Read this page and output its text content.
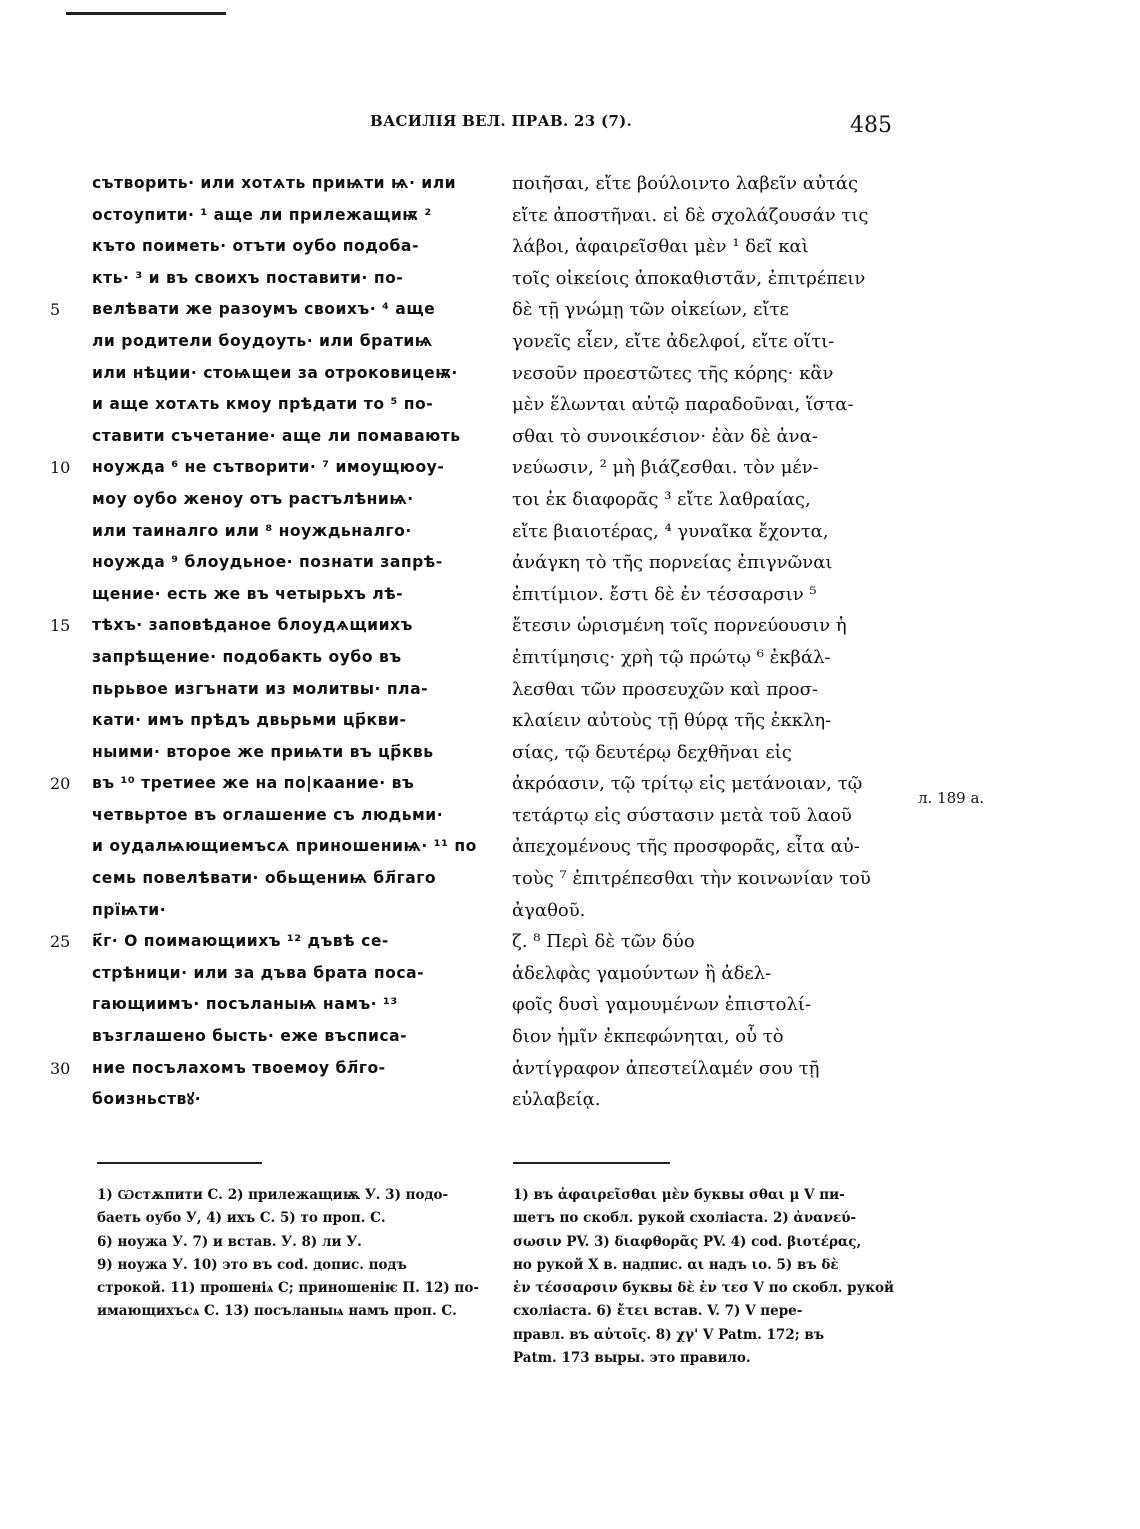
ВАСИЛІЯ ВЕЛ. ПРАВ. 23 (7).	485
5
10
15
20
25
30
сътворить· или хотѧть приѩти ѩ· или
остоупити· ¹ аще ли прилежащиѭ ²
къто поиметь· отъти оубо подоба-
кть· ³ и въ своихъ поставити· по-
велѣвати же разоумъ своихъ· ⁴ аще
ли родители боудоуть· или братиѩ
или нѣции· стоѩщеи за отроковицеѭ·
и аще хотѧть кмоу прѣдати то ⁵ по-
ставити съчетание· аще ли помавають
ноужда ⁶ не сътворити· ⁷ имоущюоу-
моу оубо женоу отъ растълѣниѩ·
или таиналго или ⁸ ноуждьналго·
ноужда ⁹ блоудьное· познати запрѣ-
щение· есть же въ четырьхъ лѣ-
тѣхъ· заповѣданое блоудѧщиихъ
запрѣщение· подобакть оубо въ
пьрьвое изгънати из молитвы· пла-
кати· имъ прѣдъ двьрьми цр҃кви-
ныими· второе же приѩти въ цр҃квь
въ ¹⁰ третиее же на по|каание· въ
четвьртое въ оглашение съ людьми·
и оудалѩющиемъсѧ приношениѩ· ¹¹ по
семь повелѣвати· обьщениѩ бл҃гаго
прїѩти·
к҃г· О поимающиихъ ¹² дъвѣ се-
стрѣници· или за дъва брата поса-
гающиимъ· посъланыѩ намъ· ¹³
възглашено бысть· еже въсписа-
ние посълахомъ твоемоу бл҃го-
боизньствꙋ·
ποιῆσαι, εἴτε βούλοιντο λαβεῖν αὐτάς
εἴτε ἀποστῆναι. εἰ δὲ σχολάζουσάν τις
λάβοι, ἀφαιρεῖσθαι μὲν ¹ δεῖ καὶ
τοῖς οἰκείοις ἀποκαθιστᾶν, ἐπιτρέπειν
δὲ τῇ γνώμῃ τῶν οἰκείων, εἴτε
γονεῖς εἶεν, εἴτε ἀδελφοί, εἴτε οἵτι-
νεσοῦν προεστῶτες τῆς κόρης· κἂν
μὲν ἕλωνται αὐτῷ παραδοῦναι, ἵστα-
σθαι τὸ συνοικέσιον· ἐὰν δὲ ἀνα-
νεύωσιν, ² μὴ βιάζεσθαι. τὸν μέν-
τοι ἐκ διαφορᾶς ³ εἴτε λαθραίας,
εἴτε βιαιοτέρας, ⁴ γυναῖκα ἔχοντα,
ἀνάγκη τὸ τῆς πορνείας ἐπιγνῶναι
ἐπιτίμιον. ἔστι δὲ ἐν τέσσαρσιν ⁵
ἔτεσιν ὡρισμένη τοῖς πορνεύουσιν ἡ
ἐπιτίμησις· χρὴ τῷ πρώτῳ ⁶ ἐκβάλ-
λεσθαι τῶν προσευχῶν καὶ προσ-
κλαίειν αὐτοὺς τῇ θύρᾳ τῆς ἐκκλη-
σίας, τῷ δευτέρῳ δεχθῆναι εἰς
ἀκρόασιν, τῷ τρίτῳ εἰς μετάνοιαν, τῷ
τετάρτῳ εἰς σύστασιν μετὰ τοῦ λαοῦ
ἀπεχομένους τῆς προσφορᾶς, εἶτα αὐ-
τοὺς ⁷ ἐπιτρέπεσθαι τὴν κοινωνίαν τοῦ
ἀγαθοῦ.
ζ. ⁸ Περὶ δὲ τῶν δύο
ἀδελφὰς γαμούντων ἢ ἀδελ-
φοῖς δυσὶ γαμουμένων ἐπιστολί-
διον ἡμῖν ἐκπεφώνηται, οὗ τὸ
ἀντίγραφον ἀπεστείλαμέν σου τῇ
εὐλαβείᾳ.
л. 189 а.
1) Ѡстѫпити С. 2) прилежащиѭ У. 3) подо-
баеть оубо У, 4) ихъ С. 5) то проп. С.
6) ноужа У. 7) и встав. У. 8) ли У.
9) ноужа У. 10) это въ cod. допис. подъ
строкой. 11) прошеніѧ С; приношеніѥ П. 12) по-
имающихъсѧ С. 13) посъланыѩ намъ проп. С.
1) въ ἀφαιρεῖσθαι μὲν буквы σθαι μ V пи-
шетъ по скобл. рукой схоліаста. 2) ἀνανεύ-
σωσιν PV. 3) διαφθορᾶς PV. 4) cod. βιοτέρας,
но рукой X в. надпис. αι надъ ιο. 5) въ δὲ
ἐν τέσσαρσιν буквы δὲ ἐν τεσ V по скобл. рукой
схоліаста. 6) ἔτει встав. V. 7) V пере-
правл. въ αὐτοῖς. 8) χγ' V Patm. 172; въ
Patm. 173 выры. это правило.
